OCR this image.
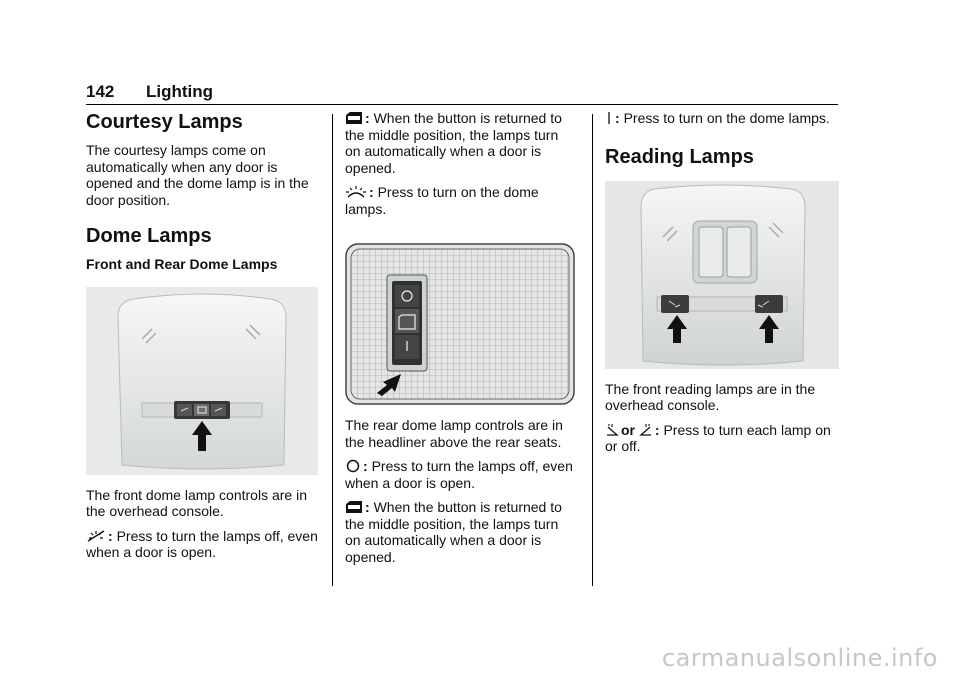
142 Lighting
Courtesy Lamps

The courtesy lamps come on automatically when any door is opened and the dome lamp is in the door position.

Dome Lamps
Front and Rear Dome Lamps

The front dome lamp controls are in the overhead console.

: Press to turn the lamps off, even when a door is open.

: When the button is returned to the middle position, the lamps turn on automatically when a door is opened.

: Press to turn on the dome lamps.

The rear dome lamp controls are in the headliner above the rear seats.

: Press to turn the lamps off, even when a door is open.

: When the button is returned to the middle position, the lamps turn on automatically when a door is opened.

: Press to turn on the dome lamps.

Reading Lamps

The front reading lamps are in the overhead console.

or : Press to turn each lamp on or off.

carmanualsonline.info
